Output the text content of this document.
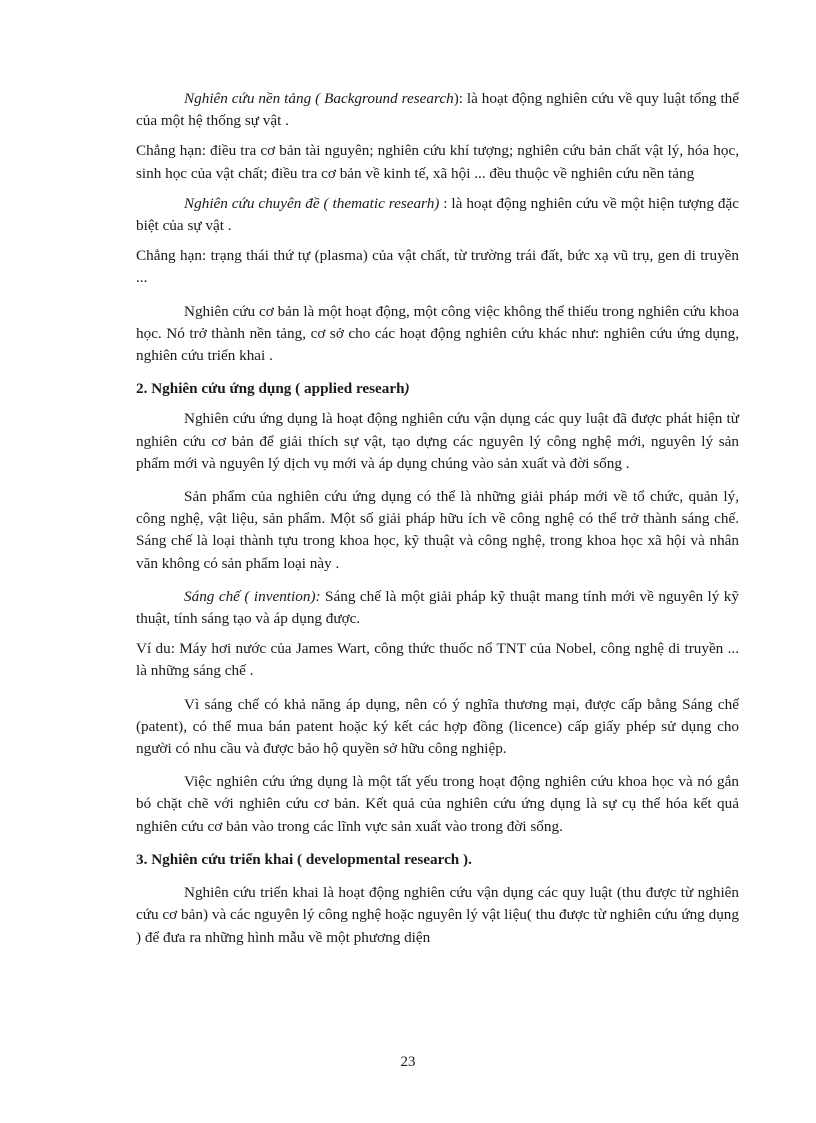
Nghiên cứu nền tảng ( Background research): là hoạt động nghiên cứu về quy luật tổng thể của một hệ thống sự vật .

Chẳng hạn: điều tra cơ bản tài nguyên; nghiên cứu khí tượng; nghiên cứu bản chất vật lý, hóa học, sinh học của vật chất; điều tra cơ bản về kinh tế, xã hội ... đều thuộc về nghiên cứu nền tảng

Nghiên cứu chuyên đề ( thematic researh) : là hoạt động nghiên cứu về một hiện tượng đặc biệt của sự vật .

Chẳng hạn: trạng thái thứ tự (plasma) của vật chất, từ trường trái đất, bức xạ vũ trụ, gen di truyền ...

Nghiên cứu cơ bản là một hoạt động, một công việc không thể thiếu trong nghiên cứu khoa học. Nó trở thành nền tảng, cơ sở cho các hoạt động nghiên cứu khác như: nghiên cứu ứng dụng, nghiên cứu triển khai .

2. Nghiên cứu ứng dụng ( applied researh)

Nghiên cứu ứng dụng là hoạt động nghiên cứu vận dụng các quy luật đã được phát hiện từ nghiên cứu cơ bản để giải thích sự vật, tạo dựng các nguyên lý công nghệ mới, nguyên lý sản phẩm mới và nguyên lý dịch vụ mới và áp dụng chúng vào sản xuất và đời sống .

Sản phẩm của nghiên cứu ứng dụng có thể là những giải pháp mới về tổ chức, quản lý, công nghệ, vật liệu, sản phẩm. Một số giải pháp hữu ích về công nghệ có thể trở thành sáng chế. Sáng chế là loại thành tựu trong khoa học, kỹ thuật và công nghệ, trong khoa học xã hội và nhân văn không có sản phẩm loại này .

Sáng chế ( invention): Sáng chế là một giải pháp kỹ thuật mang tính mới về nguyên lý kỹ thuật, tính sáng tạo và áp dụng được.

Ví du: Máy hơi nước của James Wart, công thức thuốc nổ TNT của Nobel, công nghệ di truyền ... là những sáng chế .

Vì sáng chế có khả năng áp dụng, nên có ý nghĩa thương mại, được cấp bằng Sáng chế (patent), có thể mua bán patent hoặc ký kết các hợp đồng (licence) cấp giấy phép sử dụng cho người có nhu cầu và được bảo hộ quyền sở hữu công nghiệp.

Việc nghiên cứu ứng dụng là một tất yếu trong hoạt động nghiên cứu khoa học và nó gắn bó chặt chẽ với nghiên cứu cơ bản. Kết quả của nghiên cứu ứng dụng là sự cụ thể hóa kết quả nghiên cứu cơ bản vào trong các lĩnh vực sản xuất vào trong đời sống.

3. Nghiên cứu triển khai ( developmental research ).

Nghiên cứu triển khai là hoạt động nghiên cứu vận dụng các quy luật (thu được từ nghiên cứu cơ bản) và các nguyên lý công nghệ hoặc nguyên lý vật liệu( thu được từ nghiên cứu ứng dụng ) để đưa ra những hình mẫu về một phương diện

23
